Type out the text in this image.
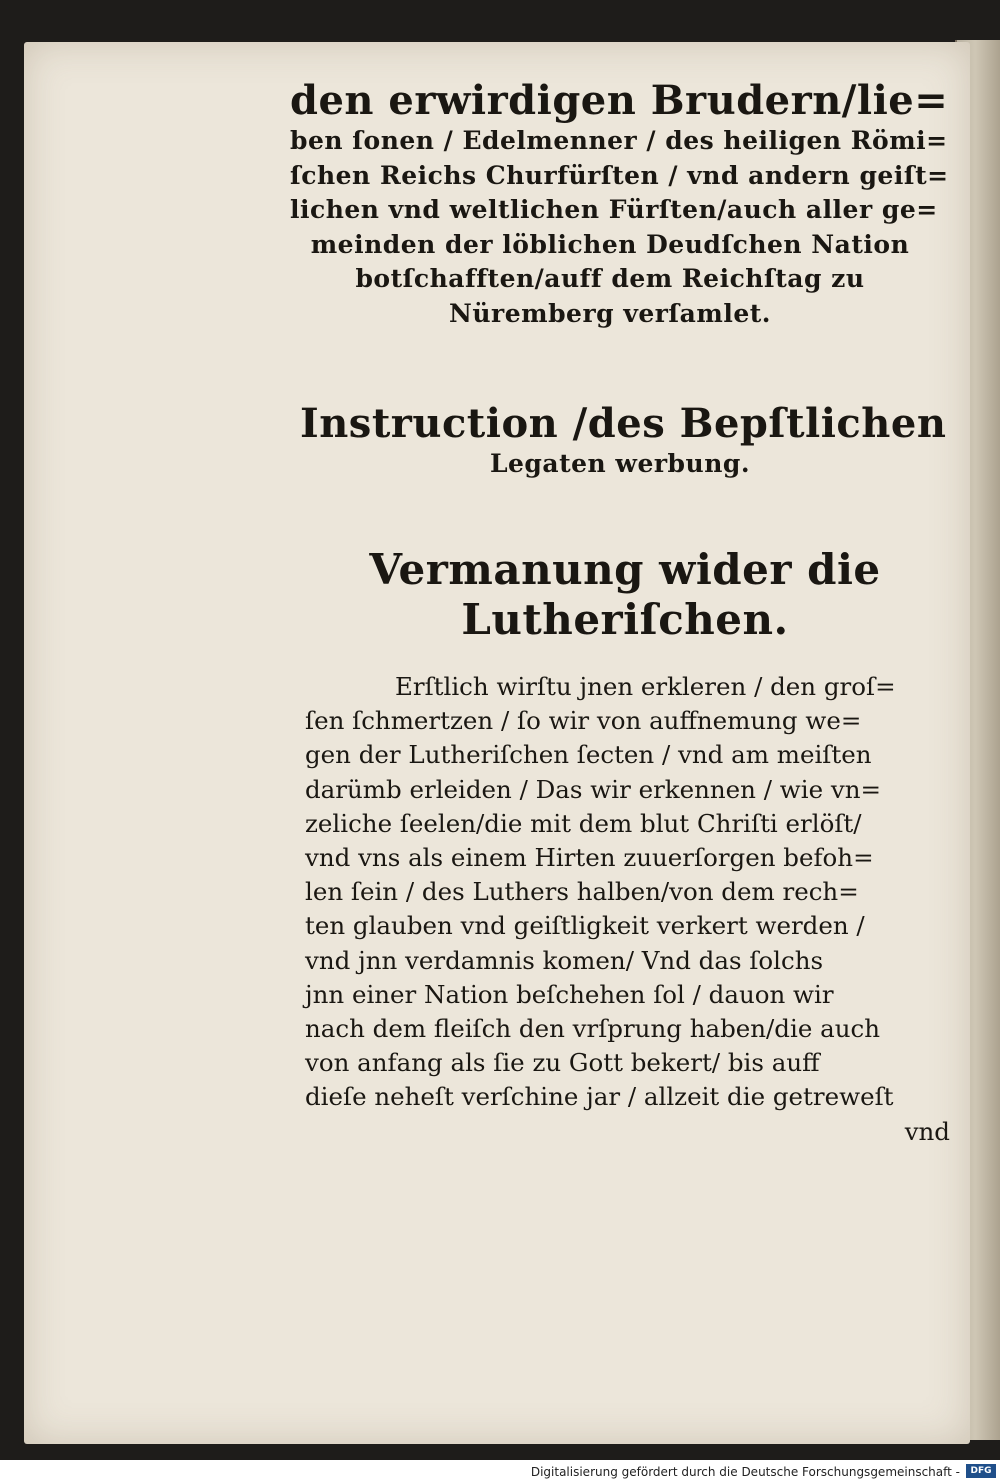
den erwirdigen Brudern/lie=
ben ſonen / Edelmenner / des heiligen Römi=
ſchen Reichs Churfürſten / vnd andern geiſt=
lichen vnd weltlichen Fürſten/auch aller ge=
meinden der löblichen Deudſchen Nation
botſchafften/auff dem Reichſtag zu
Nüremberg verſamlet.
Instruction /des Bepſtlichen
Legaten werbung.
Vermanung wider die
Lutheriſchen.
Erſtlich wirſtu jnen erkleren / den groſ=
ſen ſchmertzen / ſo wir von auffnemung we=
gen der Lutheriſchen ſecten / vnd am meiſten
darümb erleiden / Das wir erkennen / wie vn=
zeliche ſeelen/die mit dem blut Chriſti erlöſt/
vnd vns als einem Hirten zuuerſorgen befoh=
len ſein / des Luthers halben/von dem rech=
ten glauben vnd geiſtligkeit verkert werden /
vnd jnn verdamnis komen/ Vnd das ſolchs
jnn einer Nation beſchehen ſol / dauon wir
nach dem fleiſch den vrſprung haben/die auch
von anfang als ſie zu Gott bekert/ bis auff
dieſe neheſt verſchine jar / allzeit die getreweſt
vnd
Digitalisierung gefördert durch die Deutsche Forschungsgemeinschaft -	DFG
